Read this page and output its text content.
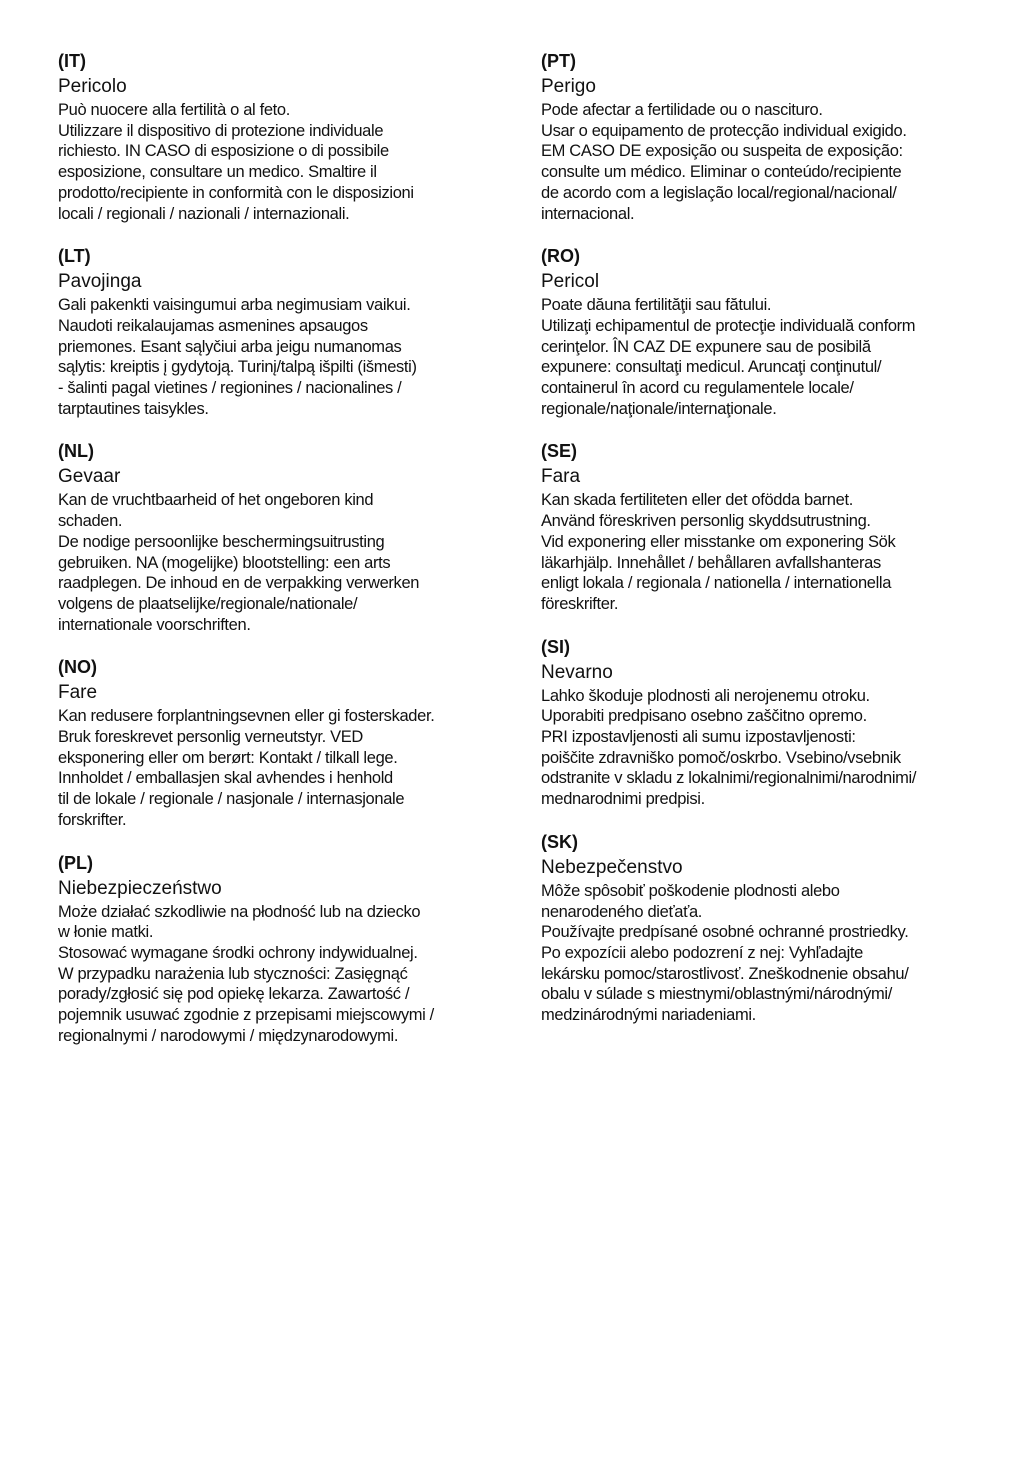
(IT)
Pericolo
Può nuocere alla fertilità o al feto.
Utilizzare il dispositivo di protezione individuale
richiesto. IN CASO di esposizione o di possibile
esposizione, consultare un medico. Smaltire il
prodotto/recipiente in conformità con le disposizioni
locali / regionali / nazionali / internazionali.
(LT)
Pavojinga
Gali pakenkti vaisingumui arba negimusiam vaikui.
Naudoti reikalaujamas asmenines apsaugos
priemones. Esant sąlyčiui arba jeigu numanomas
sąlytis: kreiptis į gydytoją. Turinį/talpą išpilti (išmesti)
- šalinti pagal vietines / regionines / nacionalines /
tarptautines taisykles.
(NL)
Gevaar
Kan de vruchtbaarheid of het ongeboren kind
schaden.
De nodige persoonlijke beschermingsuitrusting
gebruiken. NA (mogelijke) blootstelling: een arts
raadplegen. De inhoud en de verpakking verwerken
volgens de plaatselijke/regionale/nationale/
internationale voorschriften.
(NO)
Fare
Kan redusere forplantningsevnen eller gi fosterskader.
Bruk foreskrevet personlig verneutstyr. VED
eksponering eller om berørt: Kontakt / tilkall lege.
Innholdet / emballasjen skal avhendes i henhold
til de lokale / regionale / nasjonale / internasjonale
forskrifter.
(PL)
Niebezpieczeństwo
Może działać szkodliwie na płodność lub na dziecko
w łonie matki.
Stosować wymagane środki ochrony indywidualnej.
W przypadku narażenia lub styczności: Zasięgnąć
porady/zgłosić się pod opiekę lekarza. Zawartość /
pojemnik usuwać zgodnie z przepisami miejscowymi /
regionalnymi / narodowymi / międzynarodowymi.
(PT)
Perigo
Pode afectar a fertilidade ou o nascituro.
Usar o equipamento de protecção individual exigido.
EM CASO DE exposição ou suspeita de exposição:
consulte um médico. Eliminar o conteúdo/recipiente
de acordo com a legislação local/regional/nacional/
internacional.
(RO)
Pericol
Poate dăuna fertilităţii sau fătului.
Utilizaţi echipamentul de protecţie individuală conform
cerinţelor. ÎN CAZ DE expunere sau de posibilă
expunere: consultaţi medicul. Aruncaţi conţinutul/
containerul în acord cu regulamentele locale/
regionale/naţionale/internaţionale.
(SE)
Fara
Kan skada fertiliteten eller det ofödda barnet.
Använd föreskriven personlig skyddsutrustning.
Vid exponering eller misstanke om exponering Sök
läkarhjälp. Innehållet / behållaren avfallshanteras
enligt lokala / regionala / nationella / internationella
föreskrifter.
(SI)
Nevarno
Lahko škoduje plodnosti ali nerojenemu otroku.
Uporabiti predpisano osebno zaščitno opremo.
PRI izpostavljenosti ali sumu izpostavljenosti:
poiščite zdravniško pomoč/oskrbo. Vsebino/vsebnik
odstranite v skladu z lokalnimi/regionalnimi/narodnimi/
mednarodnimi predpisi.
(SK)
Nebezpečenstvo
Môže spôsobiť poškodenie plodnosti alebo
nenarodeného dieťaťa.
Používajte predpísané osobné ochranné prostriedky.
Po expozícii alebo podozrení z nej: Vyhľadajte
lekársku pomoc/starostlivosť. Zneškodnenie obsahu/
obalu v súlade s miestnymi/oblastnými/národnými/
medzinárodnými nariadeniami.
